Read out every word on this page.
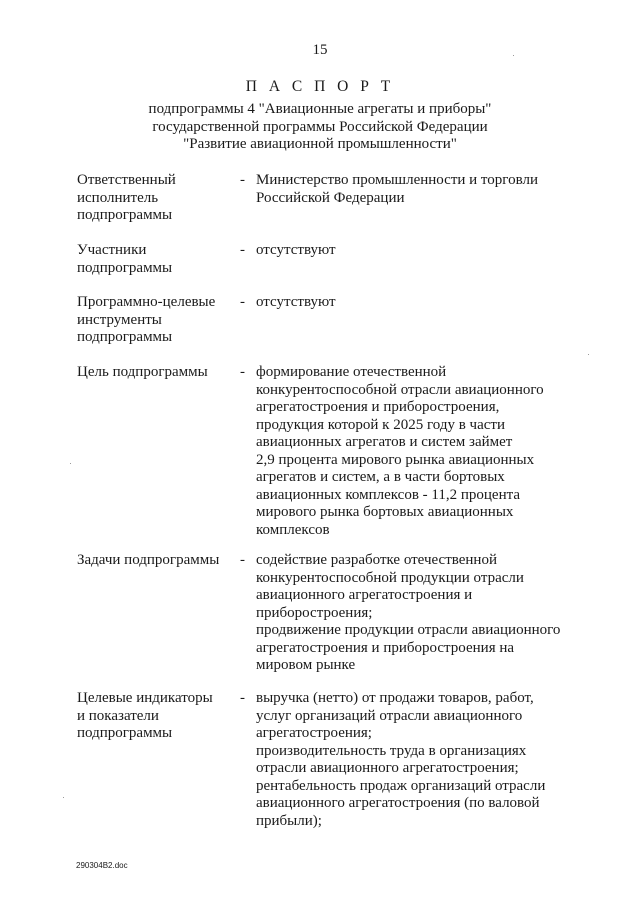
15
П А С П О Р Т
подпрограммы 4 "Авиационные агрегаты и приборы"
государственной программы Российской Федерации
"Развитие авиационной промышленности"
Ответственный
исполнитель
подпрограммы
- Министерство промышленности и торговли
Российской Федерации
Участники
подпрограммы
- отсутствуют
Программно-целевые
инструменты
подпрограммы
- отсутствуют
Цель подпрограммы	- формирование отечественной
конкурентоспособной отрасли авиационного
агрегатостроения и приборостроения,
продукция которой к 2025 году в части
авиационных агрегатов и систем займет
2,9 процента мирового рынка авиационных
агрегатов и систем, а в части бортовых
авиационных комплексов - 11,2 процента
мирового рынка бортовых авиационных
комплексов
Задачи подпрограммы	- содействие разработке отечественной
конкурентоспособной продукции отрасли
авиационного агрегатостроения и
приборостроения;
продвижение продукции отрасли авиационного
агрегатостроения и приборостроения на
мировом рынке
Целевые индикаторы
и показатели
подпрограммы
- выручка (нетто) от продажи товаров, работ,
услуг организаций отрасли авиационного
агрегатостроения;
производительность труда в организациях
отрасли авиационного агрегатостроения;
рентабельность продаж организаций отрасли
авиационного агрегатостроения (по валовой
прибыли);
290304B2.doc
